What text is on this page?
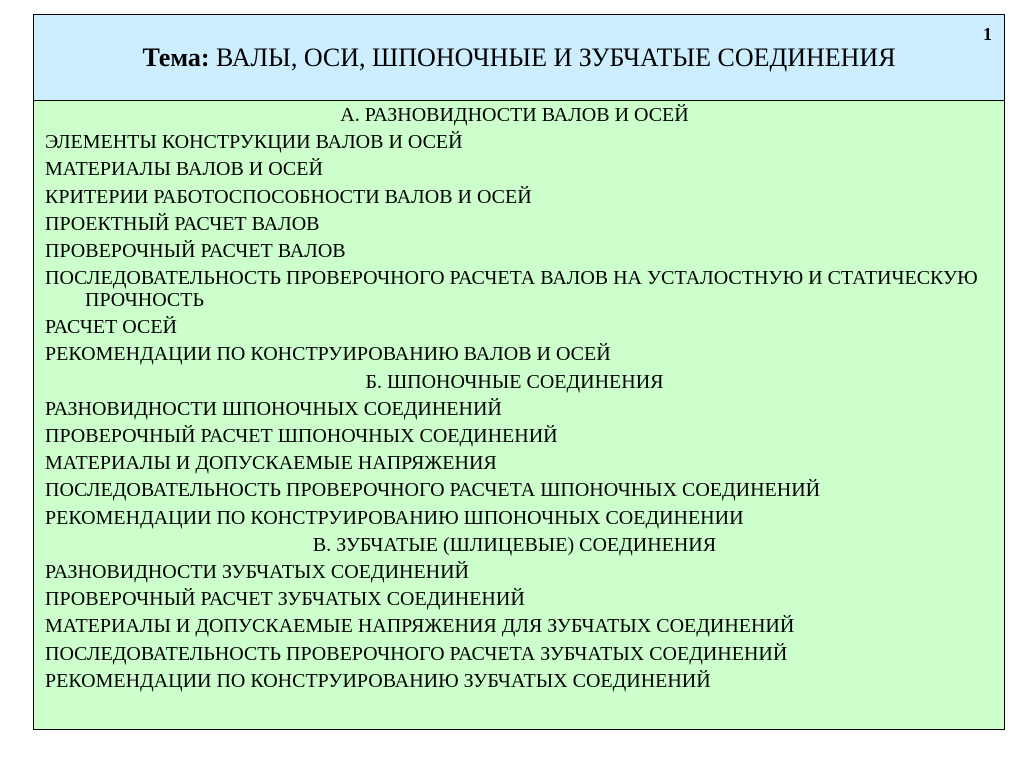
1
Тема: ВАЛЫ, ОСИ, ШПОНОЧНЫЕ И ЗУБЧАТЫЕ СОЕДИНЕНИЯ
А. РАЗНОВИДНОСТИ ВАЛОВ И ОСЕЙ
ЭЛЕМЕНТЫ КОНСТРУКЦИИ ВАЛОВ И ОСЕЙ
МАТЕРИАЛЫ ВАЛОВ И ОСЕЙ
КРИТЕРИИ РАБОТОСПОСОБНОСТИ ВАЛОВ И ОСЕЙ
ПРОЕКТНЫЙ РАСЧЕТ ВАЛОВ
ПРОВЕРОЧНЫЙ РАСЧЕТ ВАЛОВ
ПОСЛЕДОВАТЕЛЬНОСТЬ ПРОВЕРОЧНОГО РАСЧЕТА ВАЛОВ НА УСТАЛОСТНУЮ И СТАТИЧЕСКУЮ ПРОЧНОСТЬ
РАСЧЕТ ОСЕЙ
РЕКОМЕНДАЦИИ ПО КОНСТРУИРОВАНИЮ ВАЛОВ И ОСЕЙ
Б. ШПОНОЧНЫЕ СОЕДИНЕНИЯ
РАЗНОВИДНОСТИ ШПОНОЧНЫХ СОЕДИНЕНИЙ
ПРОВЕРОЧНЫЙ РАСЧЕТ ШПОНОЧНЫХ СОЕДИНЕНИЙ
МАТЕРИАЛЫ И ДОПУСКАЕМЫЕ НАПРЯЖЕНИЯ
ПОСЛЕДОВАТЕЛЬНОСТЬ ПРОВЕРОЧНОГО РАСЧЕТА ШПОНОЧНЫХ СОЕДИНЕНИЙ
РЕКОМЕНДАЦИИ ПО КОНСТРУИРОВАНИЮ ШПОНОЧНЫХ СОЕДИНЕНИИ
В. ЗУБЧАТЫЕ (ШЛИЦЕВЫЕ) СОЕДИНЕНИЯ
РАЗНОВИДНОСТИ ЗУБЧАТЫХ СОЕДИНЕНИЙ
ПРОВЕРОЧНЫЙ РАСЧЕТ ЗУБЧАТЫХ СОЕДИНЕНИЙ
МАТЕРИАЛЫ И ДОПУСКАЕМЫЕ НАПРЯЖЕНИЯ ДЛЯ ЗУБЧАТЫХ СОЕДИНЕНИЙ
ПОСЛЕДОВАТЕЛЬНОСТЬ ПРОВЕРОЧНОГО РАСЧЕТА ЗУБЧАТЫХ СОЕДИНЕНИЙ
РЕКОМЕНДАЦИИ ПО КОНСТРУИРОВАНИЮ ЗУБЧАТЫХ СОЕДИНЕНИЙ
